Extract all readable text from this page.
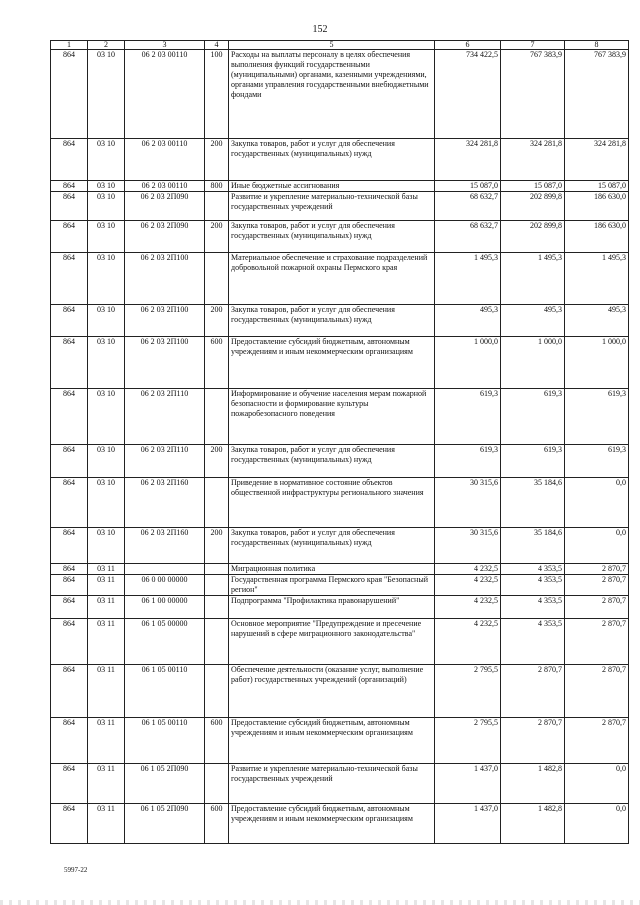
152
1	2	3	4	5	6	7	8
864	03 10	06 2 03 00110	100	Расходы на выплаты персоналу в целях обеспечения выполнения функций государственными (муниципальными) органами, казенными учреждениями, органами управления государственными внебюджетными фондами	734 422,5	767 383,9	767 383,9
864	03 10	06 2 03 00110	200	Закупка товаров, работ и услуг для обеспечения государственных (муниципальных) нужд	324 281,8	324 281,8	324 281,8
864	03 10	06 2 03 00110	800	Иные бюджетные ассигнования	15 087,0	15 087,0	15 087,0
864	03 10	06 2 03 2П090		Развитие и укрепление материально-технической базы государственных учреждений	68 632,7	202 899,8	186 630,0
864	03 10	06 2 03 2П090	200	Закупка товаров, работ и услуг для обеспечения государственных (муниципальных) нужд	68 632,7	202 899,8	186 630,0
864	03 10	06 2 03 2П100		Материальное обеспечение и страхование подразделений добровольной пожарной охраны Пермского края	1 495,3	1 495,3	1 495,3
864	03 10	06 2 03 2П100	200	Закупка товаров, работ и услуг для обеспечения государственных (муниципальных) нужд	495,3	495,3	495,3
864	03 10	06 2 03 2П100	600	Предоставление субсидий бюджетным, автономным учреждениям и иным некоммерческим организациям	1 000,0	1 000,0	1 000,0
864	03 10	06 2 03 2П110		Информирование и обучение населения мерам пожарной безопасности и формирование культуры пожаробезопасного поведения	619,3	619,3	619,3
864	03 10	06 2 03 2П110	200	Закупка товаров, работ и услуг для обеспечения государственных (муниципальных) нужд	619,3	619,3	619,3
864	03 10	06 2 03 2П160		Приведение в нормативное состояние объектов общественной инфраструктуры регионального значения	30 315,6	35 184,6	0,0
864	03 10	06 2 03 2П160	200	Закупка товаров, работ и услуг для обеспечения государственных (муниципальных) нужд	30 315,6	35 184,6	0,0
864	03 11			Миграционная политика	4 232,5	4 353,5	2 870,7
864	03 11	06 0 00 00000		Государственная программа Пермского края "Безопасный регион"	4 232,5	4 353,5	2 870,7
864	03 11	06 1 00 00000		Подпрограмма "Профилактика правонарушений"	4 232,5	4 353,5	2 870,7
864	03 11	06 1 05 00000		Основное мероприятие "Предупреждение и пресечение нарушений в сфере миграционного законодательства"	4 232,5	4 353,5	2 870,7
864	03 11	06 1 05 00110		Обеспечение деятельности (оказание услуг, выполнение работ) государственных учреждений (организаций)	2 795,5	2 870,7	2 870,7
864	03 11	06 1 05 00110	600	Предоставление субсидий бюджетным, автономным учреждениям и иным некоммерческим организациям	2 795,5	2 870,7	2 870,7
864	03 11	06 1 05 2П090		Развитие и укрепление материально-технической базы государственных учреждений	1 437,0	1 482,8	0,0
864	03 11	06 1 05 2П090	600	Предоставление субсидий бюджетным, автономным учреждениям и иным некоммерческим организациям	1 437,0	1 482,8	0,0
5997-22
